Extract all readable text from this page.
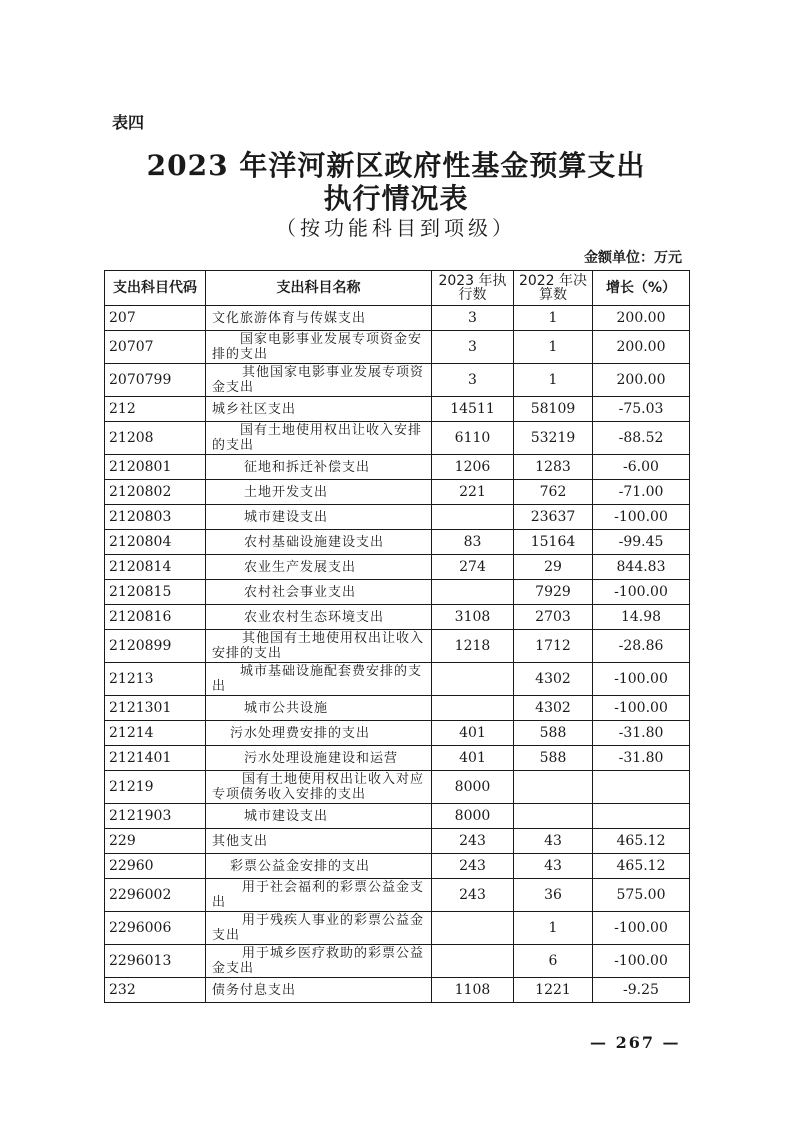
表四
2023 年洋河新区政府性基金预算支出
执行情况表
（按功能科目到项级）
金额单位：万元
支出科目代码	支出科目名称	2023 年执行数	2022 年决算数	增长（%）
207	文化旅游体育与传媒支出	3	1	200.00
20707	国家电影事业发展专项资金安排的支出	3	1	200.00
2070799	其他国家电影事业发展专项资金支出	3	1	200.00
212	城乡社区支出	14511	58109	-75.03
21208	国有土地使用权出让收入安排的支出	6110	53219	-88.52
2120801	征地和拆迁补偿支出	1206	1283	-6.00
2120802	土地开发支出	221	762	-71.00
2120803	城市建设支出		23637	-100.00
2120804	农村基础设施建设支出	83	15164	-99.45
2120814	农业生产发展支出	274	29	844.83
2120815	农村社会事业支出		7929	-100.00
2120816	农业农村生态环境支出	3108	2703	14.98
2120899	其他国有土地使用权出让收入安排的支出	1218	1712	-28.86
21213	城市基础设施配套费安排的支出		4302	-100.00
2121301	城市公共设施		4302	-100.00
21214	污水处理费安排的支出	401	588	-31.80
2121401	污水处理设施建设和运营	401	588	-31.80
21219	国有土地使用权出让收入对应专项债务收入安排的支出	8000		
2121903	城市建设支出	8000		
229	其他支出	243	43	465.12
22960	彩票公益金安排的支出	243	43	465.12
2296002	用于社会福利的彩票公益金支出	243	36	575.00
2296006	用于残疾人事业的彩票公益金支出		1	-100.00
2296013	用于城乡医疗救助的彩票公益金支出		6	-100.00
232	债务付息支出	1108	1221	-9.25
— 267 —
